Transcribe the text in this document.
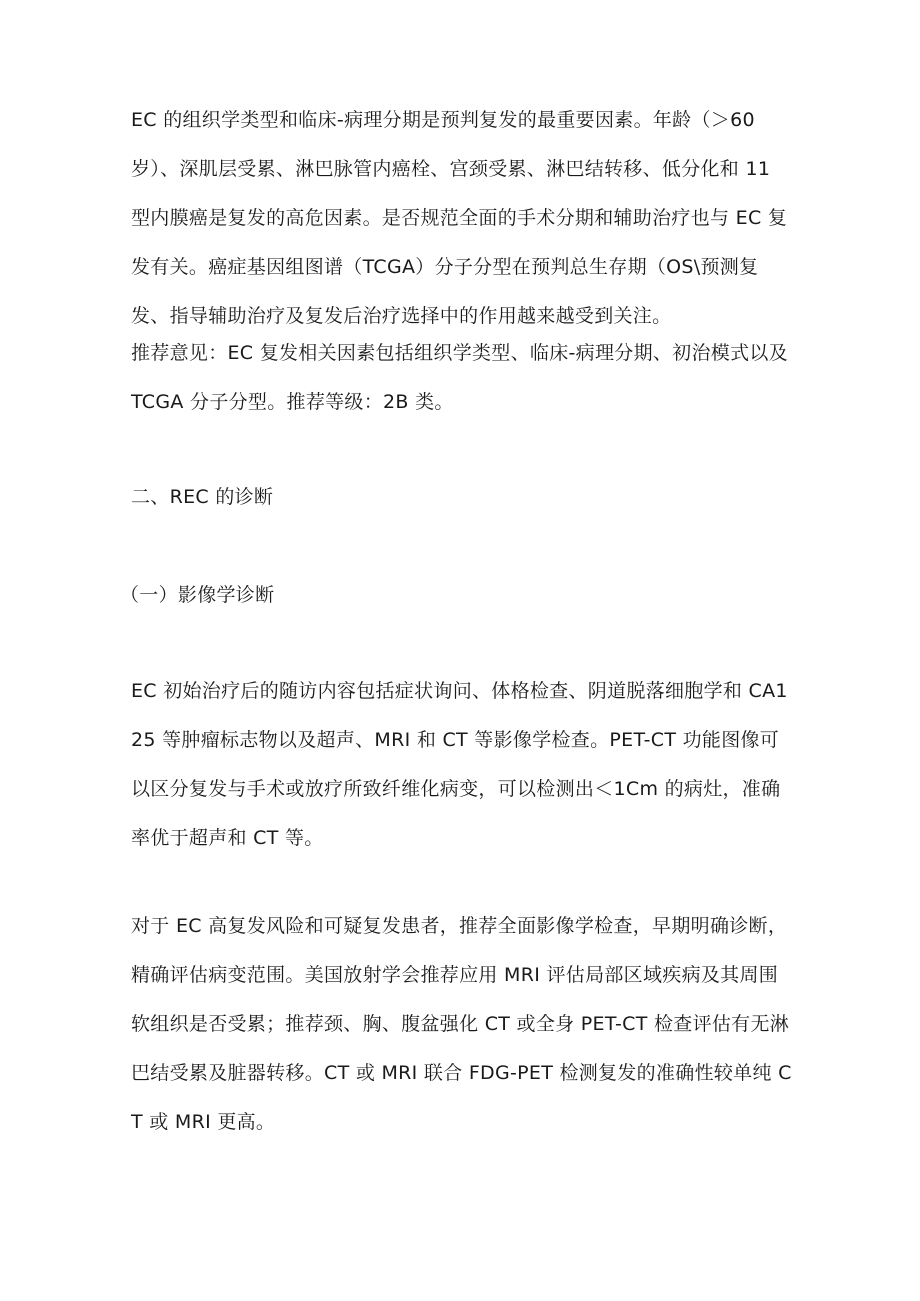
EC 的组织学类型和临床-病理分期是预判复发的最重要因素。年龄（＞60 岁）、深肌层受累、淋巴脉管内癌栓、宫颈受累、淋巴结转移、低分化和 11 型内膜癌是复发的高危因素。是否规范全面的手术分期和辅助治疗也与 EC 复发有关。癌症基因组图谱（TCGA）分子分型在预判总生存期（OS\预测复发、指导辅助治疗及复发后治疗选择中的作用越来越受到关注。

推荐意见：EC 复发相关因素包括组织学类型、临床-病理分期、初治模式以及 TCGA 分子分型。推荐等级：2B 类。

二、REC 的诊断

（一）影像学诊断

EC 初始治疗后的随访内容包括症状询问、体格检查、阴道脱落细胞学和 CA125 等肿瘤标志物以及超声、MRI 和 CT 等影像学检查。PET-CT 功能图像可以区分复发与手术或放疗所致纤维化病变，可以检测出＜1Cm 的病灶，准确率优于超声和 CT 等。

对于 EC 高复发风险和可疑复发患者，推荐全面影像学检查，早期明确诊断，精确评估病变范围。美国放射学会推荐应用 MRI 评估局部区域疾病及其周围软组织是否受累；推荐颈、胸、腹盆强化 CT 或全身 PET-CT 检查评估有无淋巴结受累及脏器转移。CT 或 MRI 联合 FDG-PET 检测复发的准确性较单纯 CT 或 MRI 更高。
